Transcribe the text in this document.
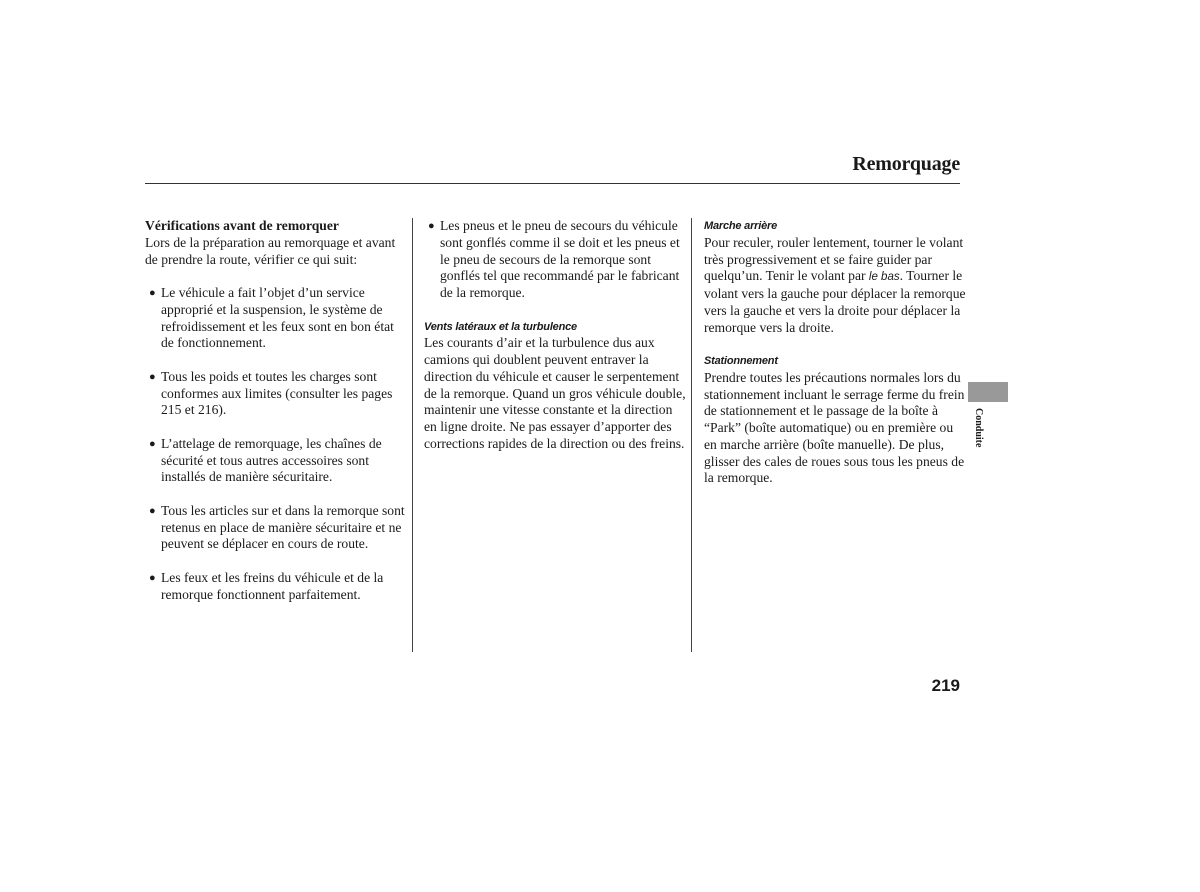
Remorquage
Vérifications avant de remorquer

Lors de la préparation au remorquage et avant de prendre la route, vérifier ce qui suit:

● Le véhicule a fait l’objet d’un service approprié et la suspension, le système de refroidissement et les feux sont en bon état de fonctionnement.
● Tous les poids et toutes les charges sont conformes aux limites (consulter les pages 215 et 216).
● L’attelage de remorquage, les chaînes de sécurité et tous autres accessoires sont installés de manière sécuritaire.
● Tous les articles sur et dans la remorque sont retenus en place de manière sécuritaire et ne peuvent se déplacer en cours de route.
● Les feux et les freins du véhicule et de la remorque fonctionnent parfaitement.
● Les pneus et le pneu de secours du véhicule sont gonflés comme il se doit et les pneus et le pneu de secours de la remorque sont gonflés tel que recommandé par le fabricant de la remorque.
Vents latéraux et la turbulence

Les courants d’air et la turbulence dus aux camions qui doublent peuvent entraver la direction du véhicule et causer le serpentement de la remorque. Quand un gros véhicule double, maintenir une vitesse constante et la direction en ligne droite. Ne pas essayer d’apporter des corrections rapides de la direction ou des freins.

Marche arrière

Pour reculer, rouler lentement, tourner le volant très progressivement et se faire guider par quelqu’un. Tenir le volant par le bas. Tourner le volant vers la gauche pour déplacer la remorque vers la gauche et vers la droite pour déplacer la remorque vers la droite.

Stationnement

Prendre toutes les précautions normales lors du stationnement incluant le serrage ferme du frein de stationnement et le passage de la boîte à “Park” (boîte automatique) ou en première ou en marche arrière (boîte manuelle). De plus, glisser des cales de roues sous tous les pneus de la remorque.

Conduite
219
